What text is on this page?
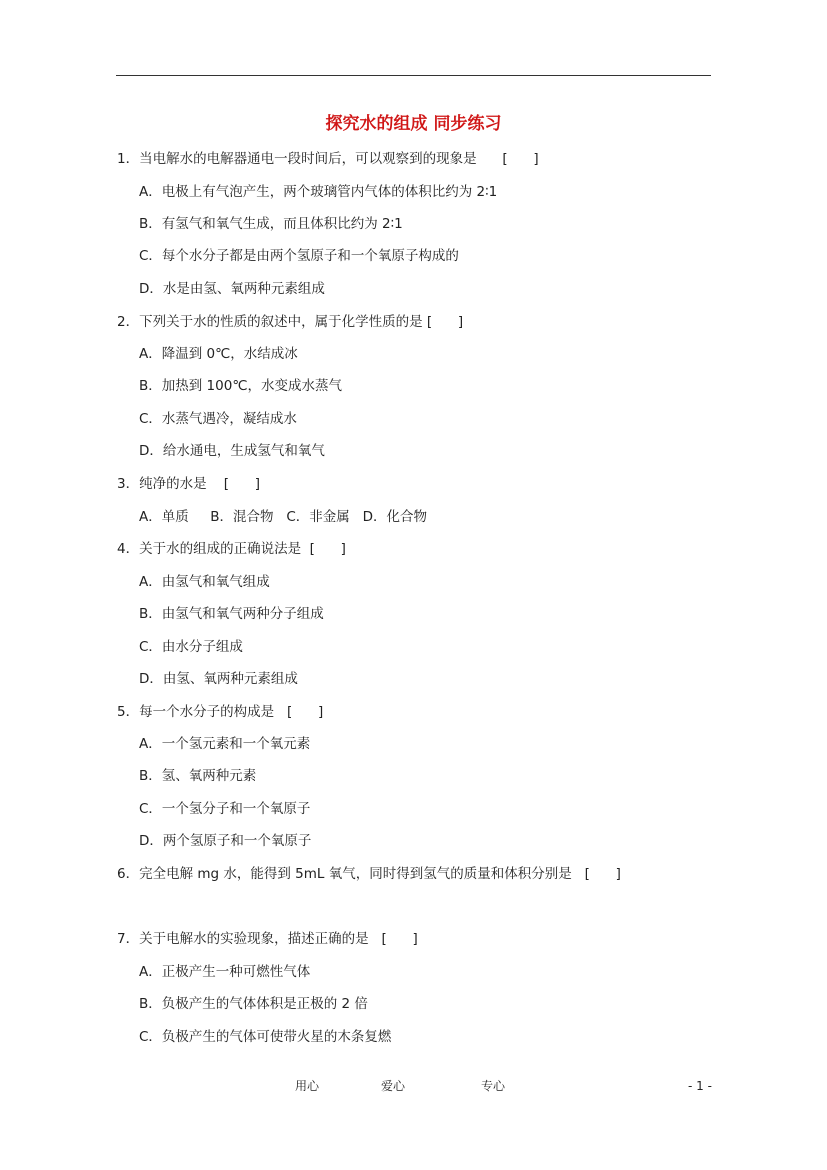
探究水的组成 同步练习
1．当电解水的电解器通电一段时间后，可以观察到的现象是      [      ]
A．电极上有气泡产生，两个玻璃管内气体的体积比约为 2∶1
B．有氢气和氧气生成，而且体积比约为 2∶1
C．每个水分子都是由两个氢原子和一个氧原子构成的
D．水是由氢、氧两种元素组成
2．下列关于水的性质的叙述中，属于化学性质的是 [      ]
A．降温到 0℃，水结成冰
B．加热到 100℃，水变成水蒸气
C．水蒸气遇冷，凝结成水
D．给水通电，生成氢气和氧气
3．纯净的水是    [      ]
A．单质     B．混合物   C．非金属   D．化合物
4．关于水的组成的正确说法是  [      ]
A．由氢气和氧气组成
B．由氢气和氧气两种分子组成
C．由水分子组成
D．由氢、氧两种元素组成
5．每一个水分子的构成是   [      ]
A．一个氢元素和一个氧元素
B．氢、氧两种元素
C．一个氢分子和一个氧原子
D．两个氢原子和一个氧原子
6．完全电解 mg 水，能得到 5mL 氧气，同时得到氢气的质量和体积分别是   [      ]
7．关于电解水的实验现象，描述正确的是   [      ]
A．正极产生一种可燃性气体
B．负极产生的气体体积是正极的 2 倍
C．负极产生的气体可使带火星的木条复燃
用心	爱心	专心	- 1 -
